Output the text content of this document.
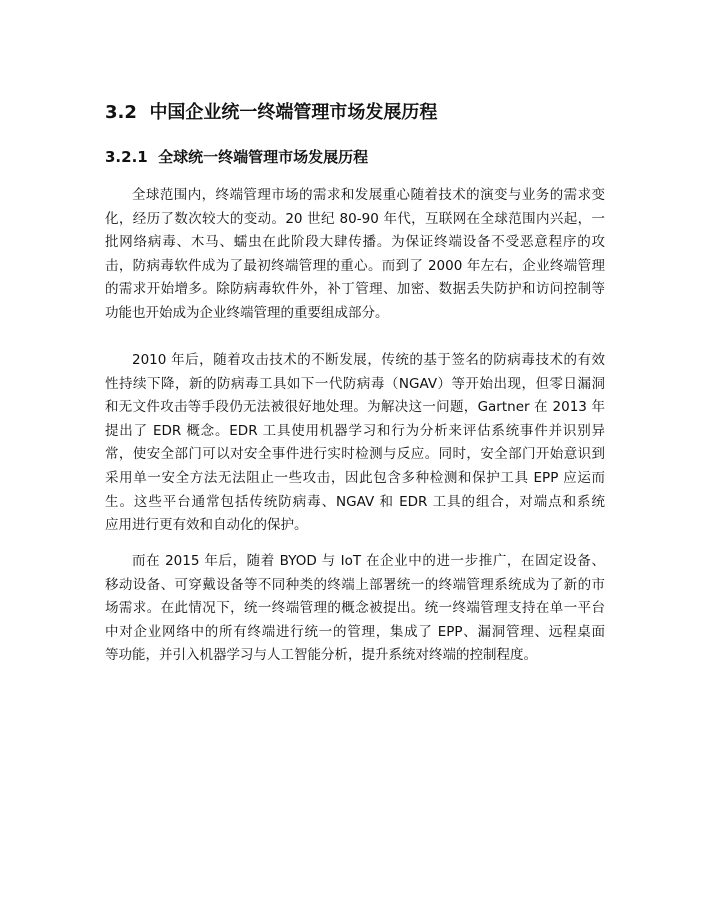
3.2 中国企业统一终端管理市场发展历程
3.2.1 全球统一终端管理市场发展历程
全球范围内，终端管理市场的需求和发展重心随着技术的演变与业务的需求变
化，经历了数次较大的变动。20 世纪 80-90 年代，互联网在全球范围内兴起，一
批网络病毒、木马、蠕虫在此阶段大肆传播。为保证终端设备不受恶意程序的攻
击，防病毒软件成为了最初终端管理的重心。而到了 2000 年左右，企业终端管理
的需求开始增多。除防病毒软件外，补丁管理、加密、数据丢失防护和访问控制等
功能也开始成为企业终端管理的重要组成部分。
2010 年后，随着攻击技术的不断发展，传统的基于签名的防病毒技术的有效
性持续下降，新的防病毒工具如下一代防病毒（NGAV）等开始出现，但零日漏洞
和无文件攻击等手段仍无法被很好地处理。为解决这一问题，Gartner 在 2013 年
提出了 EDR 概念。EDR 工具使用机器学习和行为分析来评估系统事件并识别异
常，使安全部门可以对安全事件进行实时检测与反应。同时，安全部门开始意识到
采用单一安全方法无法阻止一些攻击，因此包含多种检测和保护工具 EPP 应运而
生。这些平台通常包括传统防病毒、NGAV 和 EDR 工具的组合，对端点和系统
应用进行更有效和自动化的保护。
而在 2015 年后，随着 BYOD 与 IoT 在企业中的进一步推广，在固定设备、
移动设备、可穿戴设备等不同种类的终端上部署统一的终端管理系统成为了新的市
场需求。在此情况下，统一终端管理的概念被提出。统一终端管理支持在单一平台
中对企业网络中的所有终端进行统一的管理，集成了 EPP、漏洞管理、远程桌面
等功能，并引入机器学习与人工智能分析，提升系统对终端的控制程度。
